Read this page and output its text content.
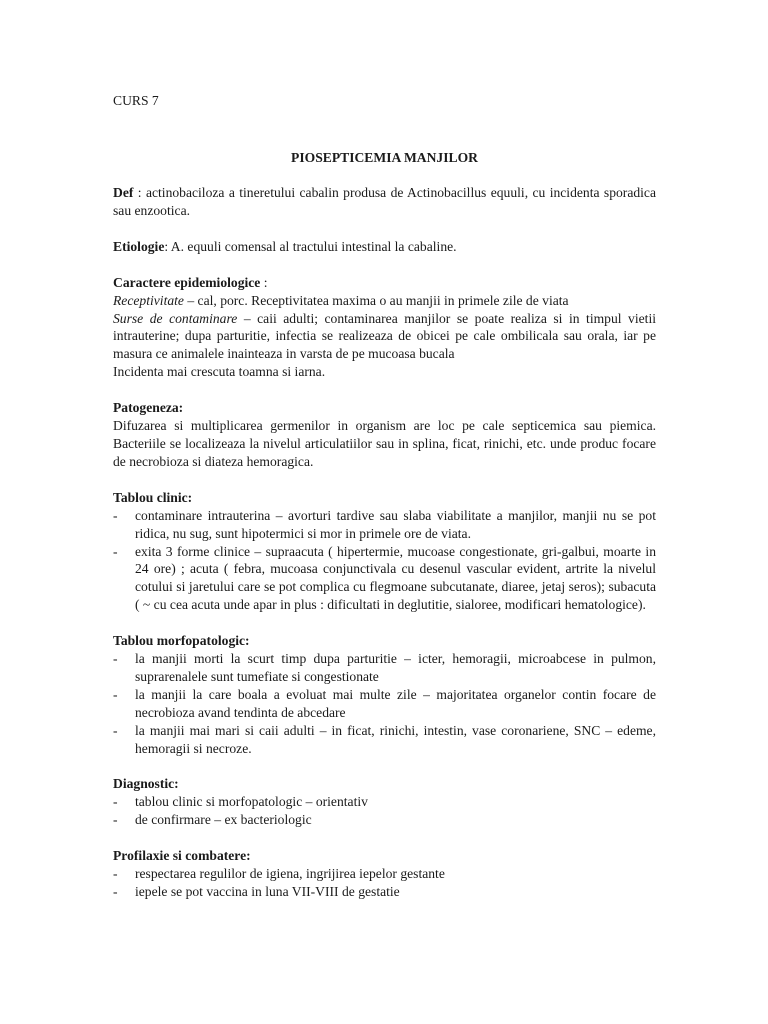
CURS 7

PIOSEPTICEMIA MANJILOR

Def : actinobaciloza a tineretului cabalin produsa de Actinobacillus equuli, cu incidenta sporadica sau enzootica.

Etiologie: A. equuli comensal al tractului intestinal la cabaline.

Caractere epidemiologice :

Receptivitate – cal, porc. Receptivitatea maxima o au manjii in primele zile de viata

Surse de contaminare – caii adulti; contaminarea manjilor se poate realiza si in timpul vietii intrauterine; dupa parturitie, infectia se realizeaza de obicei pe cale ombilicala sau orala, iar pe masura ce animalele inainteaza in varsta de pe mucoasa bucala

Incidenta mai crescuta toamna si iarna.

Patogeneza:

Difuzarea si multiplicarea germenilor in organism are loc pe cale septicemica sau piemica. Bacteriile se localizeaza la nivelul articulatiilor sau in splina, ficat, rinichi, etc. unde produc focare de necrobioza si diateza hemoragica.

Tablou clinic:

- contaminare intrauterina – avorturi tardive sau slaba viabilitate a manjilor, manjii nu se pot ridica, nu sug, sunt hipotermici si mor in primele ore de viata.
- exita 3 forme clinice – supraacuta ( hipertermie, mucoase congestionate, gri-galbui, moarte in 24 ore) ; acuta ( febra, mucoasa conjunctivala cu desenul vascular evident, artrite la nivelul cotului si jaretului care se pot complica cu flegmoane subcutanate, diaree, jetaj seros); subacuta ( ~ cu cea acuta unde apar in plus : dificultati in deglutitie, sialoree, modificari hematologice).

Tablou morfopatologic:

- la manjii morti la scurt timp dupa parturitie – icter, hemoragii, microabcese in pulmon, suprarenalele sunt tumefiate si congestionate
- la manjii la care boala a evoluat mai multe zile – majoritatea organelor contin focare de necrobioza avand tendinta de abcedare
- la manjii mai mari si caii adulti – in ficat, rinichi, intestin, vase coronariene, SNC – edeme, hemoragii si necroze.

Diagnostic:

- tablou clinic si morfopatologic – orientativ
- de confirmare – ex bacteriologic

Profilaxie si combatere:

- respectarea regulilor de igiena, ingrijirea iepelor gestante
- iepele se pot vaccina in luna VII-VIII de gestatie
